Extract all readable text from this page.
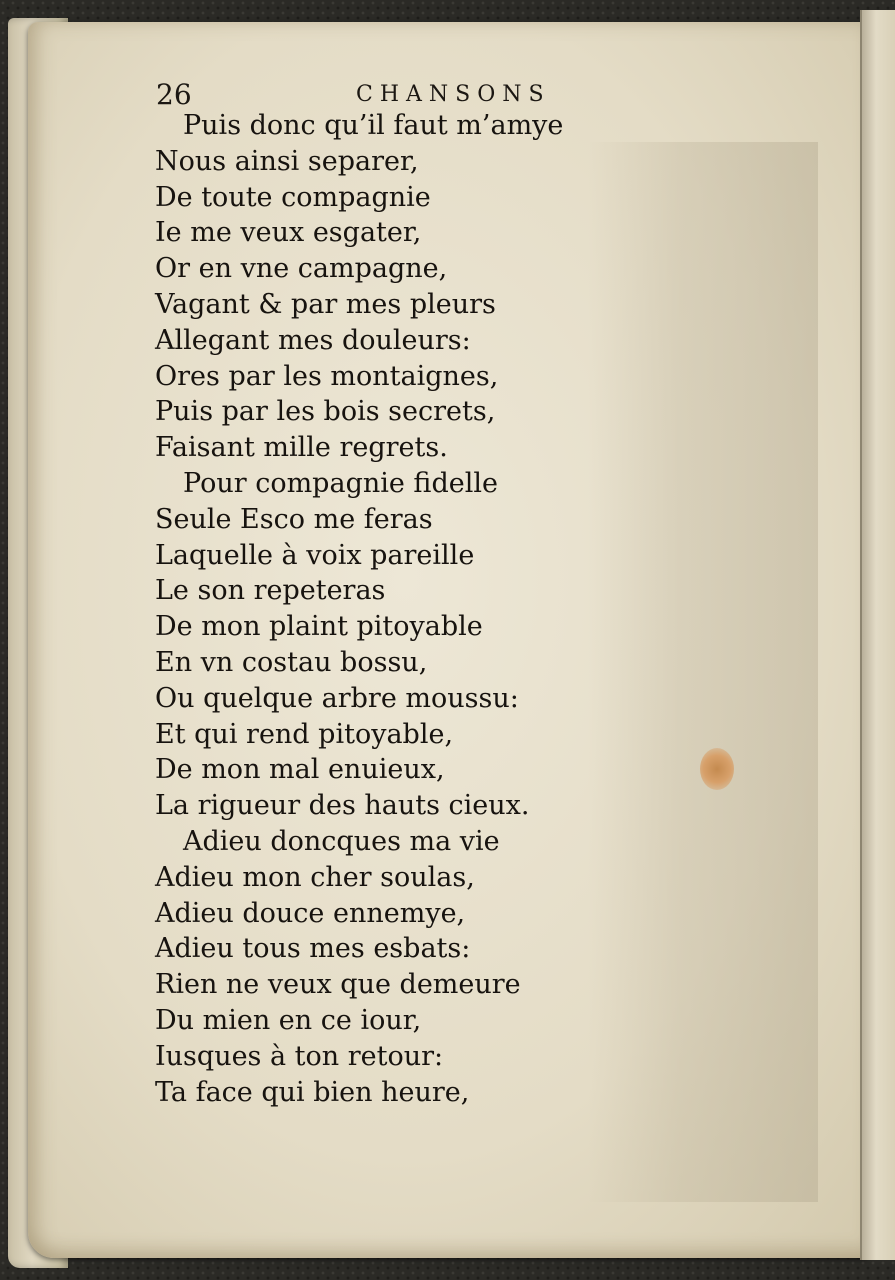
26	CHANSONS
Puis donc qu’il faut m’amye
Nous ainsi separer,
De toute compagnie
Ie me veux esgater,
Or en vne campagne,
Vagant & par mes pleurs
Allegant mes douleurs:
Ores par les montaignes,
Puis par les bois secrets,
Faisant mille regrets.
Pour compagnie fidelle
Seule Esco me feras
Laquelle à voix pareille
Le son repeteras
De mon plaint pitoyable
En vn costau bossu,
Ou quelque arbre moussu:
Et qui rend pitoyable,
De mon mal enuieux,
La rigueur des hauts cieux.
Adieu doncques ma vie
Adieu mon cher soulas,
Adieu douce ennemye,
Adieu tous mes esbats:
Rien ne veux que demeure
Du mien en ce iour,
Iusques à ton retour:
Ta face qui bien heure,
